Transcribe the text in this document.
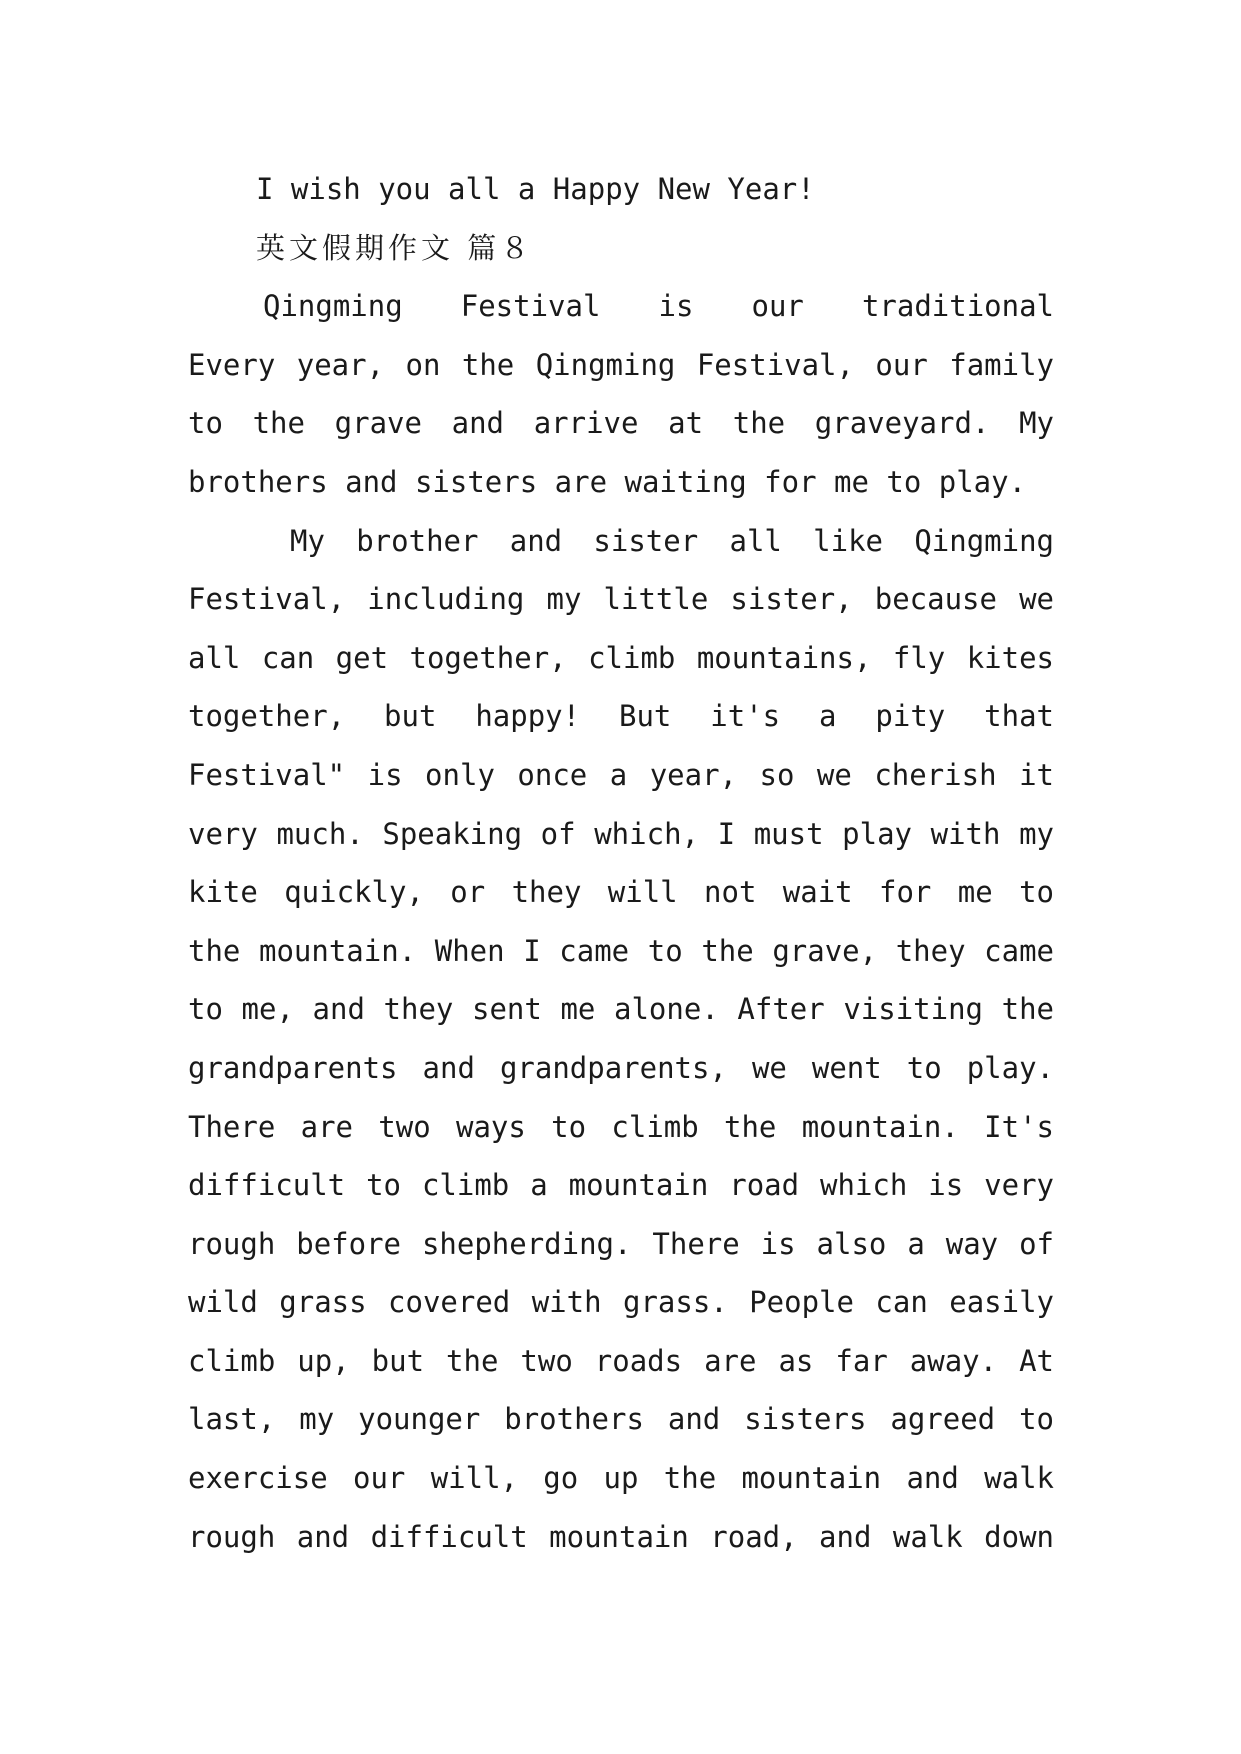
I wish you all a Happy New Year!
英文假期作文 篇８
Qingming Festival is our traditional
Every year, on the Qingming Festival, our family
to the grave and arrive at the graveyard. My
brothers and sisters are waiting for me to play.
My brother and sister all like Qingming
Festival, including my little sister, because we
all can get together, climb mountains, fly kites
together, but happy! But it's a pity that
Festival" is only once a year, so we cherish it
very much. Speaking of which, I must play with my
kite quickly, or they will not wait for me to
the mountain. When I came to the grave, they came
to me, and they sent me alone. After visiting the
grandparents and grandparents, we went to play.
There are two ways to climb the mountain. It's
difficult to climb a mountain road which is very
rough before shepherding. There is also a way of
wild grass covered with grass. People can easily
climb up, but the two roads are as far away. At
last, my younger brothers and sisters agreed to
exercise our will, go up the mountain and walk
rough and difficult mountain road, and walk down
